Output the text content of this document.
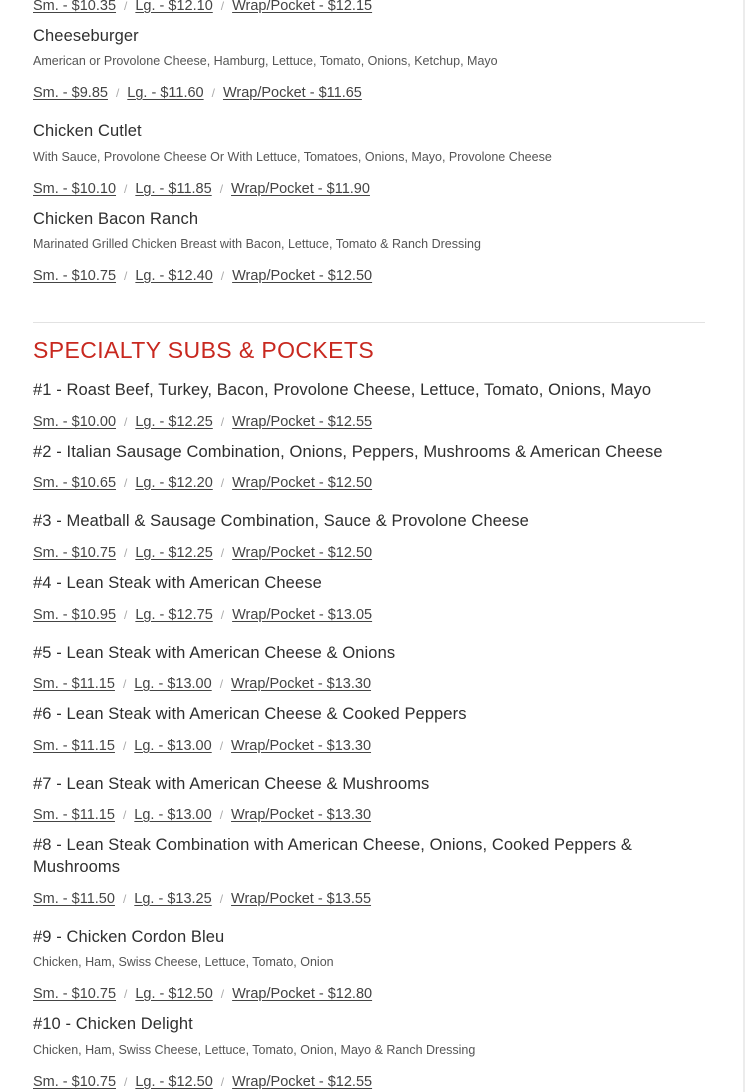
Sm. - $10.35 / Lg. - $12.10 / Wrap/Pocket - $12.15
Cheeseburger
American or Provolone Cheese, Hamburg, Lettuce, Tomato, Onions, Ketchup, Mayo
Sm. - $9.85 / Lg. - $11.60 / Wrap/Pocket - $11.65
Chicken Cutlet
With Sauce, Provolone Cheese Or With Lettuce, Tomatoes, Onions, Mayo, Provolone Cheese
Sm. - $10.10 / Lg. - $11.85 / Wrap/Pocket - $11.90
Chicken Bacon Ranch
Marinated Grilled Chicken Breast with Bacon, Lettuce, Tomato & Ranch Dressing
Sm. - $10.75 / Lg. - $12.40 / Wrap/Pocket - $12.50
SPECIALTY SUBS & POCKETS
#1 - Roast Beef, Turkey, Bacon, Provolone Cheese, Lettuce, Tomato, Onions, Mayo
Sm. - $10.00 / Lg. - $12.25 / Wrap/Pocket - $12.55
#2 - Italian Sausage Combination, Onions, Peppers, Mushrooms & American Cheese
Sm. - $10.65 / Lg. - $12.20 / Wrap/Pocket - $12.50
#3 - Meatball & Sausage Combination, Sauce & Provolone Cheese
Sm. - $10.75 / Lg. - $12.25 / Wrap/Pocket - $12.50
#4 - Lean Steak with American Cheese
Sm. - $10.95 / Lg. - $12.75 / Wrap/Pocket - $13.05
#5 - Lean Steak with American Cheese & Onions
Sm. - $11.15 / Lg. - $13.00 / Wrap/Pocket - $13.30
#6 - Lean Steak with American Cheese & Cooked Peppers
Sm. - $11.15 / Lg. - $13.00 / Wrap/Pocket - $13.30
#7 - Lean Steak with American Cheese & Mushrooms
Sm. - $11.15 / Lg. - $13.00 / Wrap/Pocket - $13.30
#8 - Lean Steak Combination with American Cheese, Onions, Cooked Peppers &
Mushrooms
Sm. - $11.50 / Lg. - $13.25 / Wrap/Pocket - $13.55
#9 - Chicken Cordon Bleu
Chicken, Ham, Swiss Cheese, Lettuce, Tomato, Onion
Sm. - $10.75 / Lg. - $12.50 / Wrap/Pocket - $12.80
#10 - Chicken Delight
Chicken, Ham, Swiss Cheese, Lettuce, Tomato, Onion, Mayo & Ranch Dressing
Sm. - $10.75 / Lg. - $12.50 / Wrap/Pocket - $12.55
